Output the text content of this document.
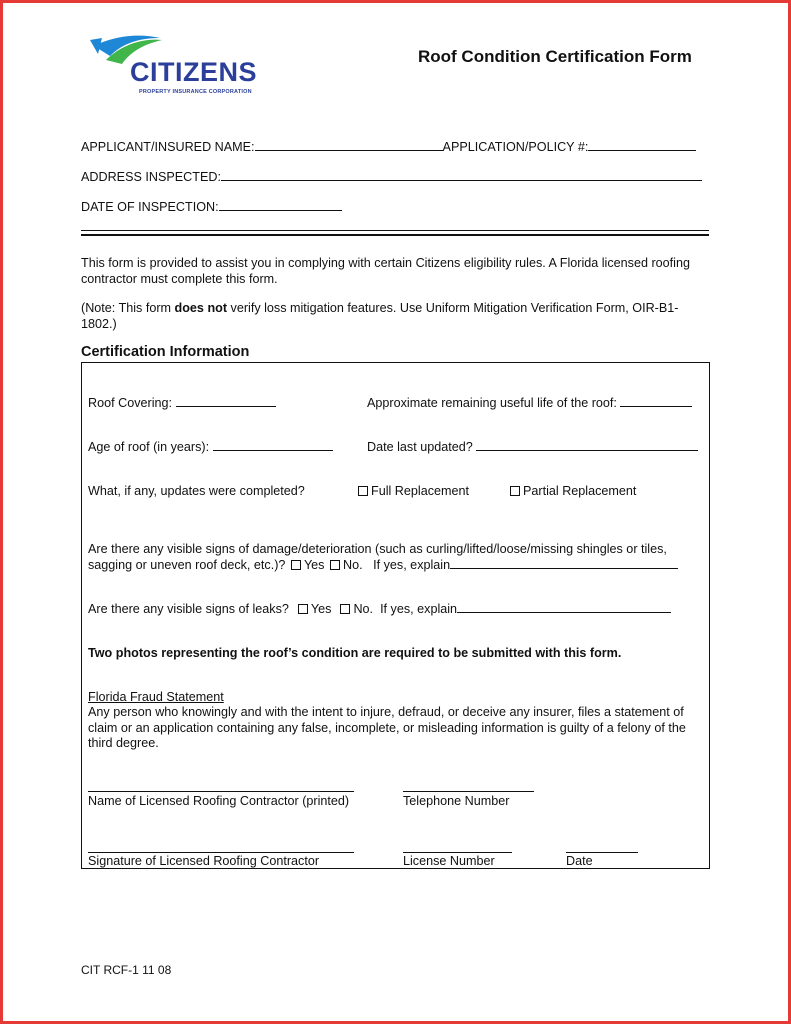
CITIZENS
PROPERTY INSURANCE CORPORATION
Roof Condition Certification Form
APPLICANT/INSURED NAME:	APPLICATION/POLICY #:
ADDRESS INSPECTED:
DATE OF INSPECTION:
This form is provided to assist you in complying with certain Citizens eligibility rules. A Florida licensed roofing contractor must complete this form.
(Note: This form does not verify loss mitigation features. Use Uniform Mitigation Verification Form, OIR-B1-1802.)
Certification Information
Roof Covering:	Approximate remaining useful life of the roof:
Age of roof (in years):	Date last updated?
What, if any, updates were completed?	Full Replacement	Partial Replacement
Are there any visible signs of damage/deterioration (such as curling/lifted/loose/missing shingles or tiles,
sagging or uneven roof deck, etc.)? Yes No. If yes, explain
Are there any visible signs of leaks? Yes No. If yes, explain
Two photos representing the roof’s condition are required to be submitted with this form.
Florida Fraud Statement
Any person who knowingly and with the intent to injure, defraud, or deceive any insurer, files a statement of claim or an application containing any false, incomplete, or misleading information is guilty of a felony of the third degree.
Name of Licensed Roofing Contractor (printed)	Telephone Number
Signature of Licensed Roofing Contractor	License Number	Date
CIT RCF-1 11 08
